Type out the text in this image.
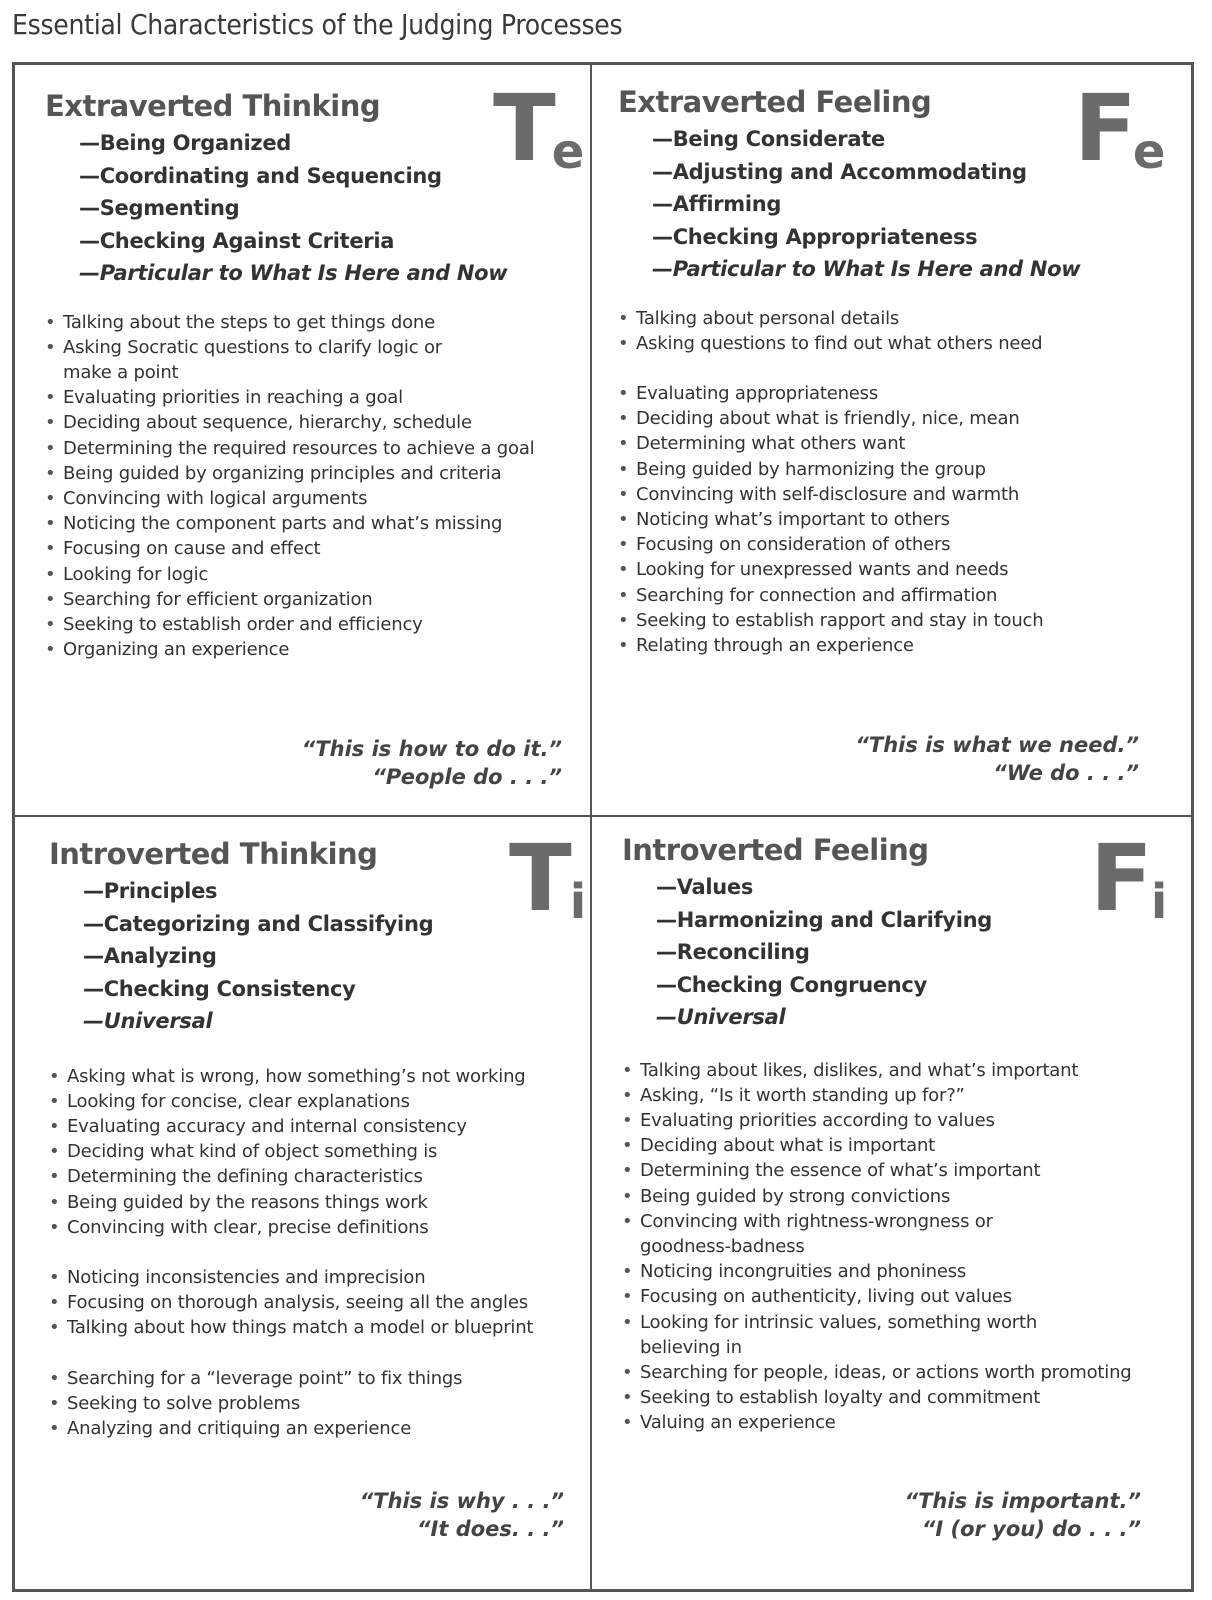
Essential Characteristics of the Judging Processes
Extraverted Thinking
—Being Organized
—Coordinating and Sequencing
—Segmenting
—Checking Against Criteria
—Particular to What Is Here and Now
• Talking about the steps to get things done
• Asking Socratic questions to clarify logic or make a point
• Evaluating priorities in reaching a goal
• Deciding about sequence, hierarchy, schedule
• Determining the required resources to achieve a goal
• Being guided by organizing principles and criteria
• Convincing with logical arguments
• Noticing the component parts and what’s missing
• Focusing on cause and effect
• Looking for logic
• Searching for efficient organization
• Seeking to establish order and efficiency
• Organizing an experience
Te
“This is how to do it.”
“People do . . .”
Extraverted Feeling
—Being Considerate
—Adjusting and Accommodating
—Affirming
—Checking Appropriateness
—Particular to What Is Here and Now
• Talking about personal details
• Asking questions to find out what others need
• Evaluating appropriateness
• Deciding about what is friendly, nice, mean
• Determining what others want
• Being guided by harmonizing the group
• Convincing with self-disclosure and warmth
• Noticing what’s important to others
• Focusing on consideration of others
• Looking for unexpressed wants and needs
• Searching for connection and affirmation
• Seeking to establish rapport and stay in touch
• Relating through an experience
Fe
“This is what we need.”
“We do . . .”
Introverted Thinking
—Principles
—Categorizing and Classifying
—Analyzing
—Checking Consistency
—Universal
• Asking what is wrong, how something’s not working
• Looking for concise, clear explanations
• Evaluating accuracy and internal consistency
• Deciding what kind of object something is
• Determining the defining characteristics
• Being guided by the reasons things work
• Convincing with clear, precise definitions
• Noticing inconsistencies and imprecision
• Focusing on thorough analysis, seeing all the angles
• Talking about how things match a model or blueprint
• Searching for a “leverage point” to fix things
• Seeking to solve problems
• Analyzing and critiquing an experience
Ti
“This is why . . .”
“It does. . .”
Introverted Feeling
—Values
—Harmonizing and Clarifying
—Reconciling
—Checking Congruency
—Universal
• Talking about likes, dislikes, and what’s important
• Asking, “Is it worth standing up for?”
• Evaluating priorities according to values
• Deciding about what is important
• Determining the essence of what’s important
• Being guided by strong convictions
• Convincing with rightness-wrongness or goodness-badness
• Noticing incongruities and phoniness
• Focusing on authenticity, living out values
• Looking for intrinsic values, something worth believing in
• Searching for people, ideas, or actions worth promoting
• Seeking to establish loyalty and commitment
• Valuing an experience
Fi
“This is important.”
“I (or you) do . . .”
